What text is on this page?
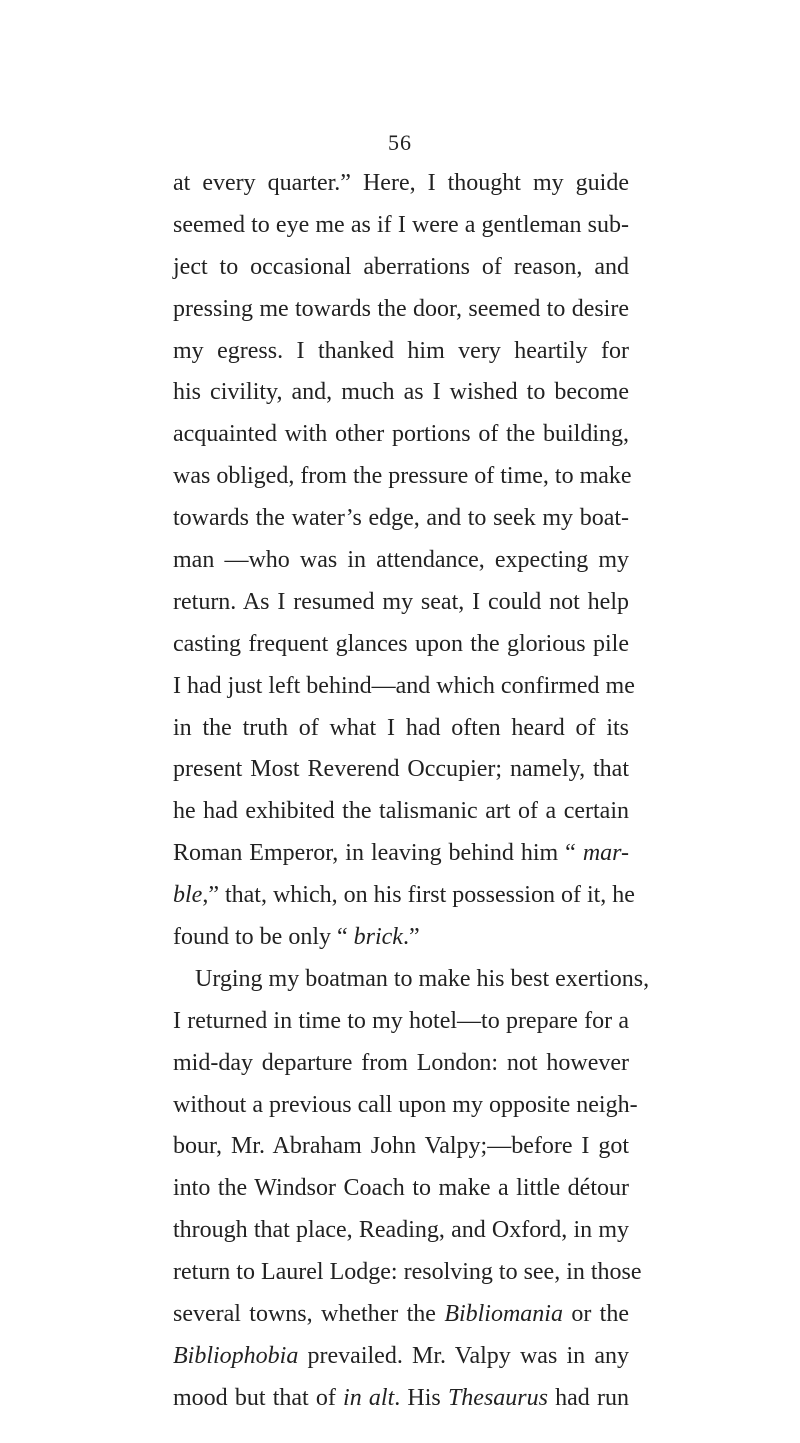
56
at every quarter.” Here, I thought my guide
seemed to eye me as if I were a gentleman sub-
ject to occasional aberrations of reason, and
pressing me towards the door, seemed to desire
my egress. I thanked him very heartily for
his civility, and, much as I wished to become
acquainted with other portions of the building,
was obliged, from the pressure of time, to make
towards the water’s edge, and to seek my boat-
man —who was in attendance, expecting my
return. As I resumed my seat, I could not help
casting frequent glances upon the glorious pile
I had just left behind—and which confirmed me
in the truth of what I had often heard of its
present Most Reverend Occupier; namely, that
he had exhibited the talismanic art of a certain
Roman Emperor, in leaving behind him “ mar-
ble,” that, which, on his first possession of it, he
found to be only “ brick.”
Urging my boatman to make his best exertions,
I returned in time to my hotel—to prepare for a
mid-day departure from London: not however
without a previous call upon my opposite neigh-
bour, Mr. Abraham John Valpy;—before I got
into the Windsor Coach to make a little détour
through that place, Reading, and Oxford, in my
return to Laurel Lodge: resolving to see, in those
several towns, whether the Bibliomania or the
Bibliophobia prevailed. Mr. Valpy was in any
mood but that of in alt. His Thesaurus had run
